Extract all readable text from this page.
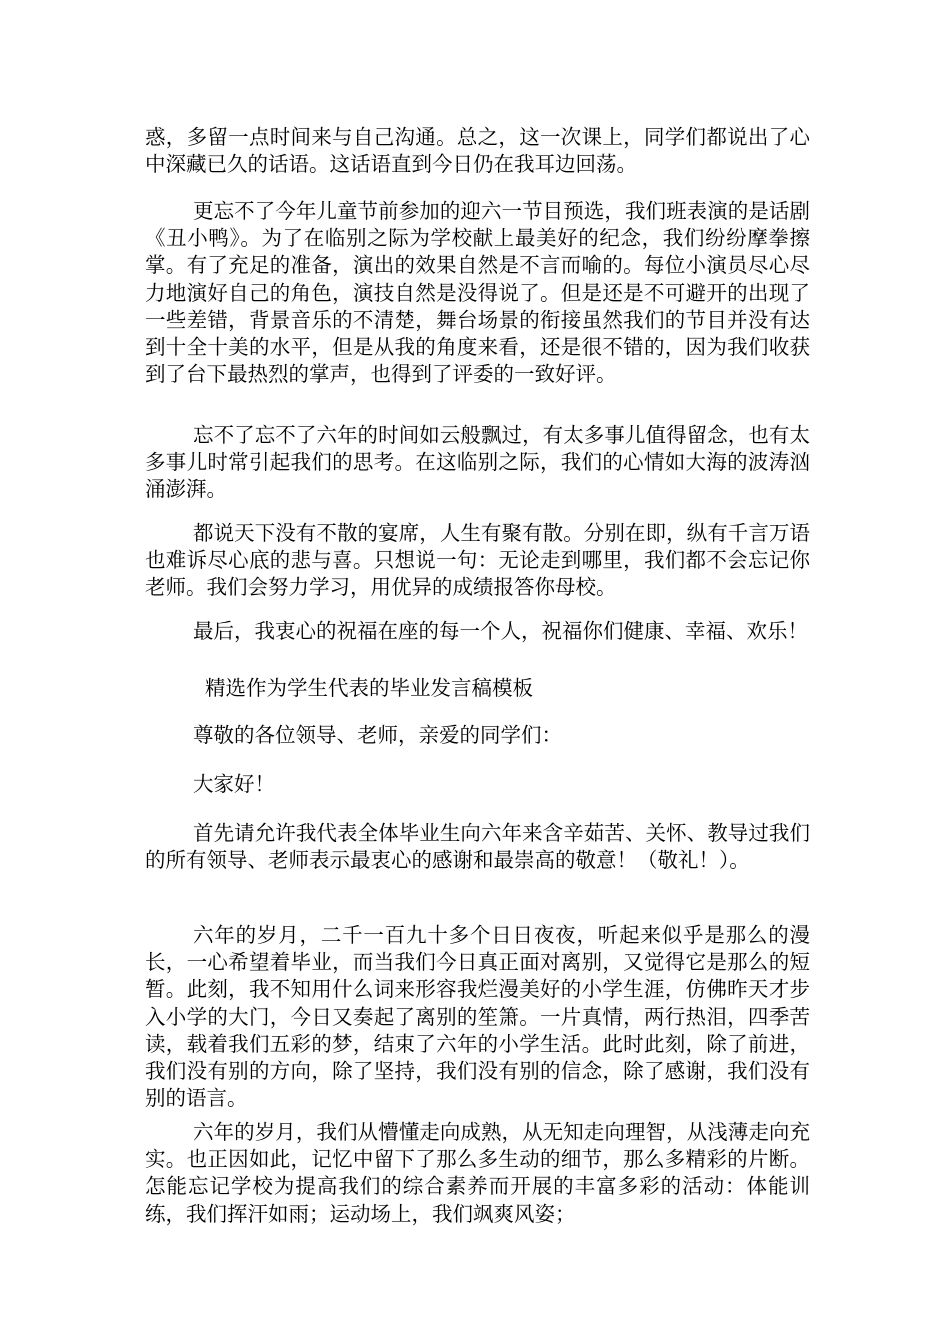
惑，多留一点时间来与自己沟通。总之，这一次课上，同学们都说出了心中深藏已久的话语。这话语直到今日仍在我耳边回荡。

更忘不了今年儿童节前参加的迎六一节目预选，我们班表演的是话剧《丑小鸭》。为了在临别之际为学校献上最美好的纪念，我们纷纷摩拳擦掌。有了充足的准备，演出的效果自然是不言而喻的。每位小演员尽心尽力地演好自己的角色，演技自然是没得说了。但是还是不可避开的出现了一些差错，背景音乐的不清楚，舞台场景的衔接虽然我们的节目并没有达到十全十美的水平，但是从我的角度来看，还是很不错的，因为我们收获到了台下最热烈的掌声，也得到了评委的一致好评。

忘不了忘不了六年的时间如云般飘过，有太多事儿值得留念，也有太多事儿时常引起我们的思考。在这临别之际，我们的心情如大海的波涛汹涌澎湃。

都说天下没有不散的宴席，人生有聚有散。分别在即，纵有千言万语也难诉尽心底的悲与喜。只想说一句：无论走到哪里，我们都不会忘记你老师。我们会努力学习，用优异的成绩报答你母校。

最后，我衷心的祝福在座的每一个人，祝福你们健康、幸福、欢乐！

精选作为学生代表的毕业发言稿模板

尊敬的各位领导、老师，亲爱的同学们：

大家好！

首先请允许我代表全体毕业生向六年来含辛茹苦、关怀、教导过我们的所有领导、老师表示最衷心的感谢和最崇高的敬意！（敬礼！）。

六年的岁月，二千一百九十多个日日夜夜，听起来似乎是那么的漫长，一心希望着毕业，而当我们今日真正面对离别，又觉得它是那么的短暂。此刻，我不知用什么词来形容我烂漫美好的小学生涯，仿佛昨天才步入小学的大门，今日又奏起了离别的笙箫。一片真情，两行热泪，四季苦读，载着我们五彩的梦，结束了六年的小学生活。此时此刻，除了前进，我们没有别的方向，除了坚持，我们没有别的信念，除了感谢，我们没有别的语言。

六年的岁月，我们从懵懂走向成熟，从无知走向理智，从浅薄走向充实。也正因如此，记忆中留下了那么多生动的细节，那么多精彩的片断。怎能忘记学校为提高我们的综合素养而开展的丰富多彩的活动：体能训练，我们挥汗如雨；运动场上，我们飒爽风姿；
